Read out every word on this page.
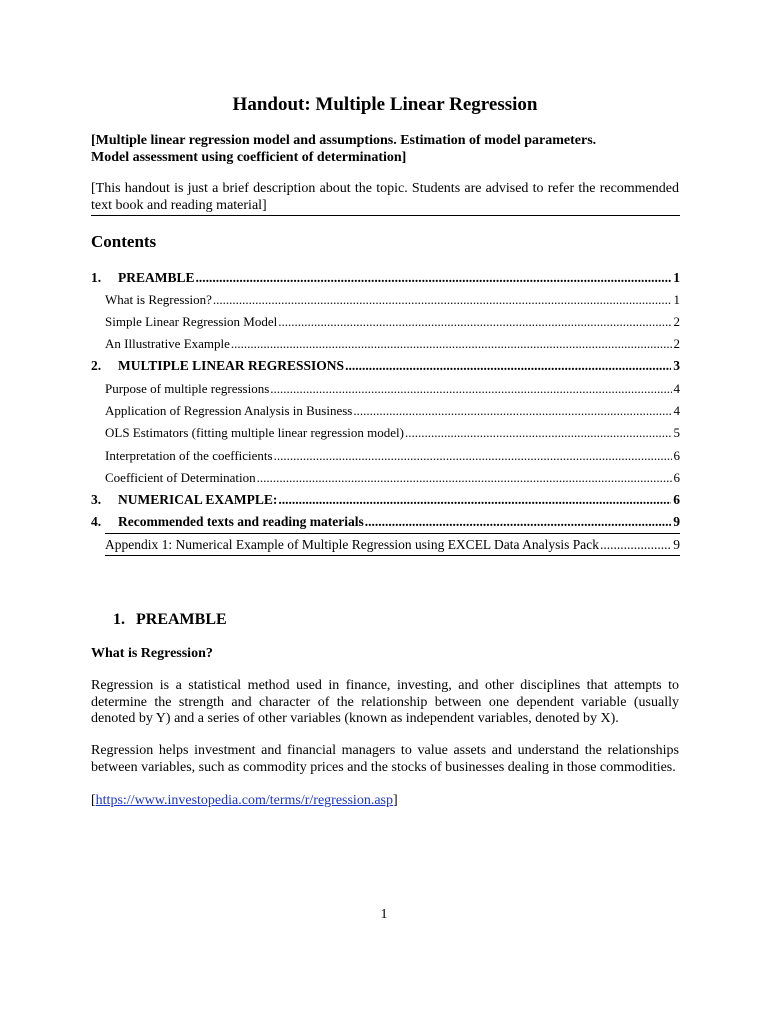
Handout: Multiple Linear Regression

[Multiple linear regression model and assumptions. Estimation of model parameters.
Model assessment using coefficient of determination]

[This handout is just a brief description about the topic. Students are advised to refer the recommended text book and reading material]

Contents
1.	PREAMBLE .....	1
What is Regression? .....	1
Simple Linear Regression Model .....	2
An Illustrative Example .....	2
2.	MULTIPLE LINEAR REGRESSIONS .....	3
Purpose of multiple regressions .....	4
Application of Regression Analysis in Business .....	4
OLS Estimators (fitting multiple linear regression model) .....	5
Interpretation of the coefficients .....	6
Coefficient of Determination .....	6
3.	NUMERICAL EXAMPLE: .....	6
4.	Recommended texts and reading materials .....	9
Appendix 1: Numerical Example of Multiple Regression using EXCEL Data Analysis Pack .....	9
1. PREAMBLE
What is Regression?

Regression is a statistical method used in finance, investing, and other disciplines that attempts to determine the strength and character of the relationship between one dependent variable (usually denoted by Y) and a series of other variables (known as independent variables, denoted by X).

Regression helps investment and financial managers to value assets and understand the relationships between variables, such as commodity prices and the stocks of businesses dealing in those commodities.

[https://www.investopedia.com/terms/r/regression.asp]

1
